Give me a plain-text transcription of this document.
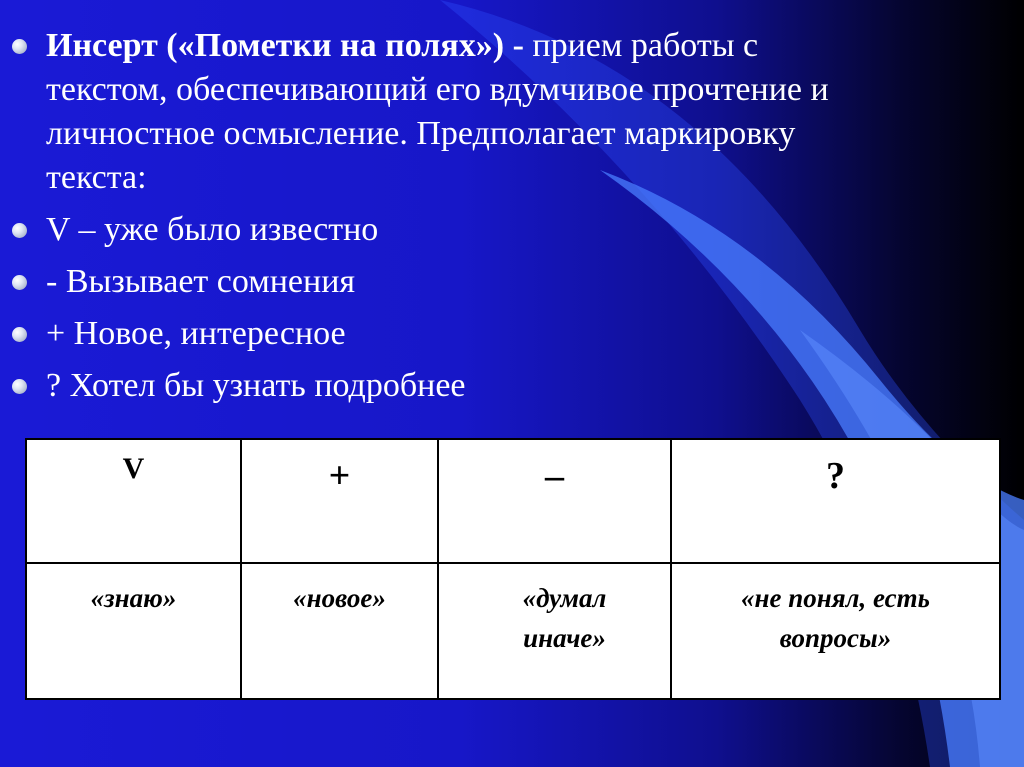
Инсерт («Пометки на полях») - прием работы с текстом, обеспечивающий его вдумчивое прочтение и личностное осмысление. Предполагает маркировку текста:
V – уже было известно
- Вызывает сомнения
+ Новое, интересное
? Хотел бы узнать подробнее
V	+	–	?
«знаю»	«новое»	«думал иначе»	«не понял, есть вопросы»
